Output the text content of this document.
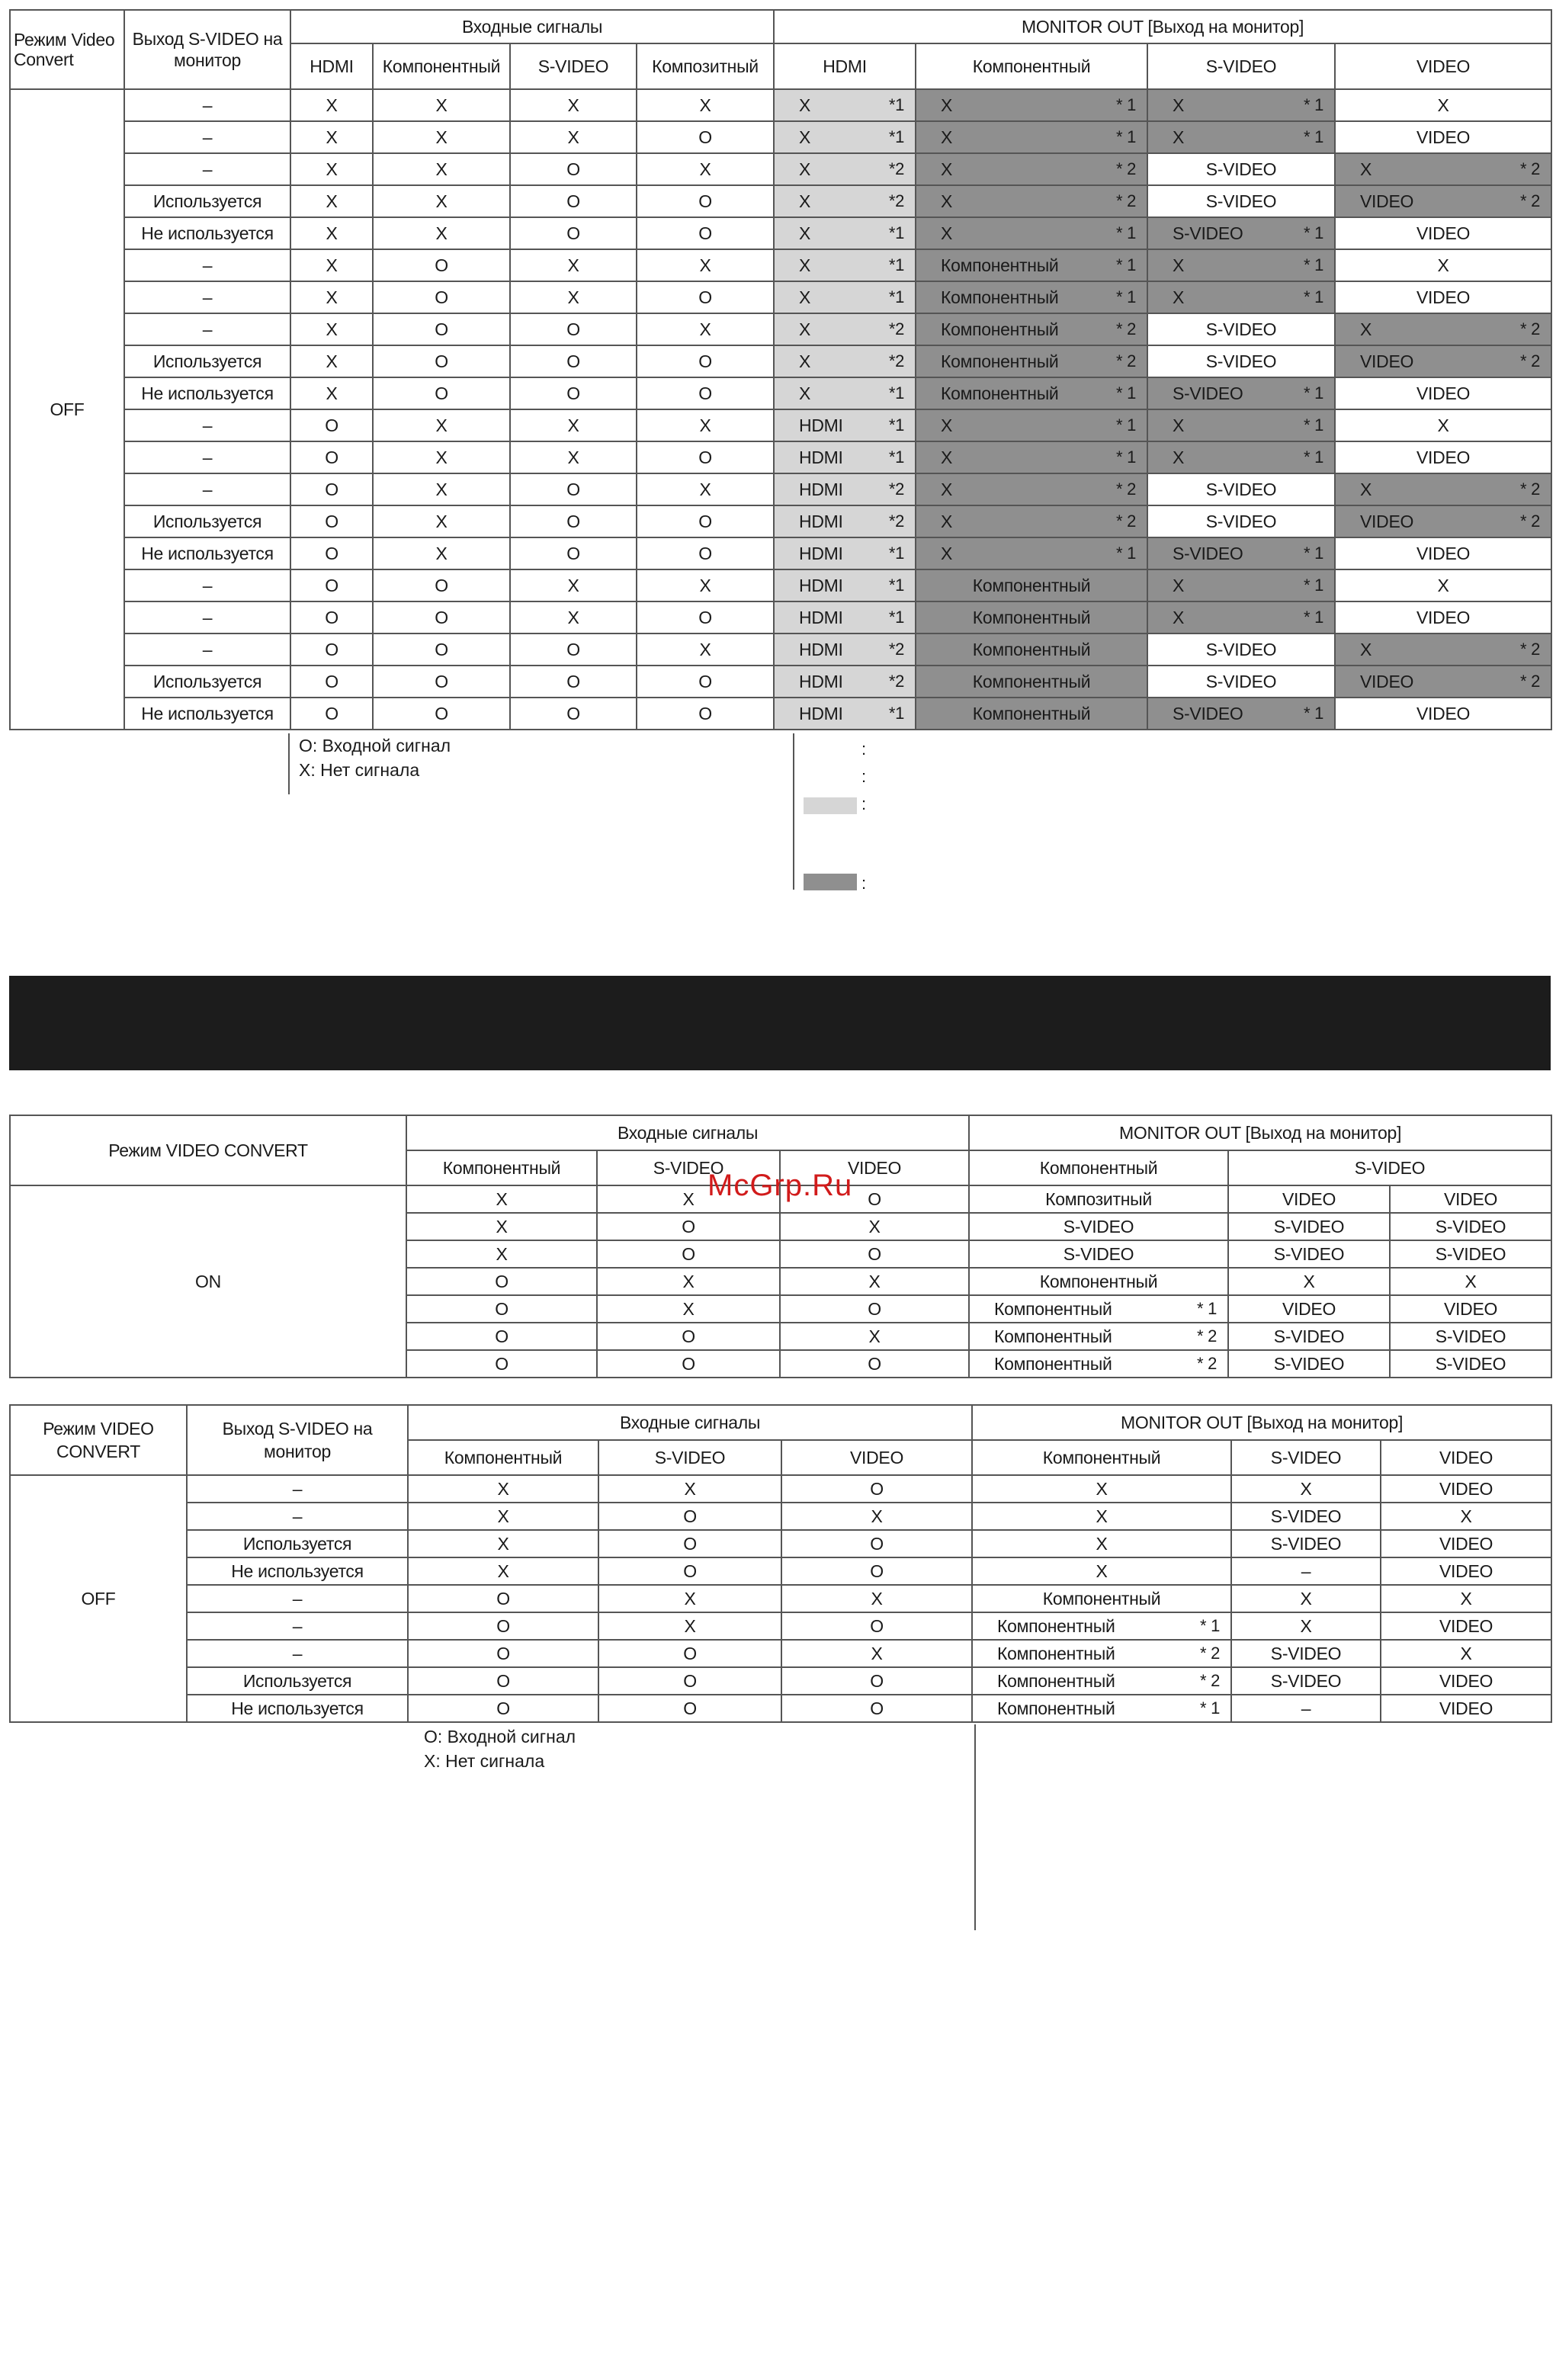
Режим Video Convert	Выход S-VIDEO на монитор	Входные сигналы				MONITOR OUT [Выход на монитор]			
		HDMI	Компонентный	S-VIDEO	Композитный	HDMI	Компонентный	S-VIDEO	VIDEO
OFF	–	X	X	X	X	X *1	X * 1	X * 1	X

	–	X	X	X	O	X *1	X * 1	X * 1	VIDEO

	–	X	X	O	X	X *2	X * 2	S-VIDEO	X * 2

	Используется	X	X	O	O	X *2	X * 2	S-VIDEO	VIDEO * 2

	Не используется	X	X	O	O	X *1	X * 1	S-VIDEO * 1	VIDEO

	–	X	O	X	X	X *1	Компонентный * 1	X * 1	X

	–	X	O	X	O	X *1	Компонентный * 1	X * 1	VIDEO

	–	X	O	O	X	X *2	Компонентный * 2	S-VIDEO	X * 2

	Используется	X	O	O	O	X *2	Компонентный * 2	S-VIDEO	VIDEO * 2

	Не используется	X	O	O	O	X *1	Компонентный * 1	S-VIDEO * 1	VIDEO

	–	O	X	X	X	HDMI *1	X * 1	X * 1	X

	–	O	X	X	O	HDMI *1	X * 1	X * 1	VIDEO

	–	O	X	O	X	HDMI *2	X * 2	S-VIDEO	X * 2

	Используется	O	X	O	O	HDMI *2	X * 2	S-VIDEO	VIDEO * 2

	Не используется	O	X	O	O	HDMI *1	X * 1	S-VIDEO * 1	VIDEO

	–	O	O	X	X	HDMI *1	Компонентный	X * 1	X

	–	O	O	X	O	HDMI *1	Компонентный	X * 1	VIDEO

	–	O	O	O	X	HDMI *2	Компонентный	S-VIDEO	X * 2

	Используется	O	O	O	O	HDMI *2	Компонентный	S-VIDEO	VIDEO * 2

	Не используется	O	O	O	O	HDMI *1	Компонентный	S-VIDEO * 1	VIDEO
O: Входной сигнал
X: Нет сигнала
:
:
:
:
Режим VIDEO CONVERT	Входные сигналы			MONITOR OUT [Выход на монитор]		
	Компонентный	S-VIDEO	VIDEO	Компонентный	S-VIDEO	
ON	X	X	O	Композитный	VIDEO	VIDEO
	X	O	X	S-VIDEO	S-VIDEO	S-VIDEO
	X	O	O	S-VIDEO	S-VIDEO	S-VIDEO
	O	X	X	Компонентный	X	X
	O	X	O	Компонентный * 1	VIDEO	VIDEO
	O	O	X	Компонентный * 2	S-VIDEO	S-VIDEO
	O	O	O	Компонентный * 2	S-VIDEO	S-VIDEO
McGrp.Ru
Режим VIDEO CONVERT	Выход S-VIDEO на монитор	Входные сигналы			MONITOR OUT [Выход на монитор]		
		Компонентный	S-VIDEO	VIDEO	Компонентный	S-VIDEO	VIDEO
OFF	–	X	X	O	X	X	VIDEO
	–	X	O	X	X	S-VIDEO	X
	Используется	X	O	O	X	S-VIDEO	VIDEO
	Не используется	X	O	O	X	–	VIDEO
	–	O	X	X	Компонентный	X	X
	–	O	X	O	Компонентный * 1	X	VIDEO
	–	O	O	X	Компонентный * 2	S-VIDEO	X
	Используется	O	O	O	Компонентный * 2	S-VIDEO	VIDEO
	Не используется	O	O	O	Компонентный * 1	–	VIDEO
O: Входной сигнал
X: Нет сигнала
